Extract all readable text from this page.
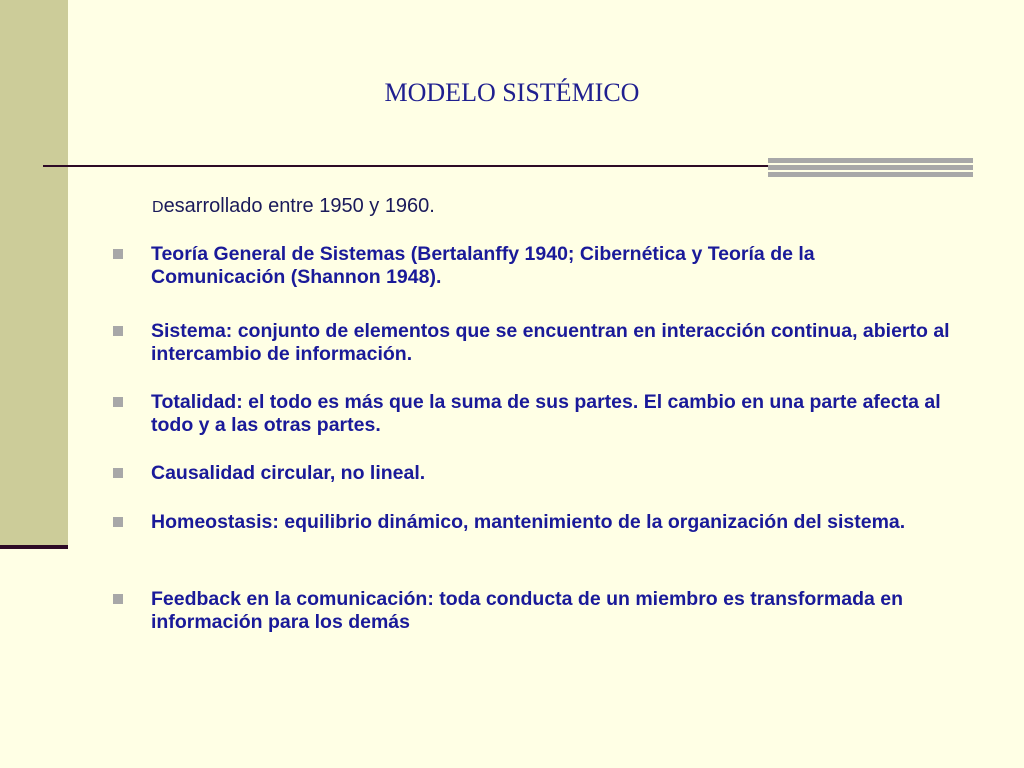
MODELO SISTÉMICO
Desarrollado entre 1950 y 1960.
Teoría General de Sistemas (Bertalanffy 1940; Cibernética y Teoría de la Comunicación (Shannon 1948).
Sistema: conjunto de elementos que se encuentran en interacción continua, abierto al intercambio de información.
Totalidad: el todo es más que la suma de sus partes. El cambio en una parte afecta al todo y a las otras partes.
Causalidad circular, no lineal.
Homeostasis: equilibrio dinámico, mantenimiento de la organización del sistema.
Feedback en la comunicación: toda conducta de un miembro es transformada en información para los demás
